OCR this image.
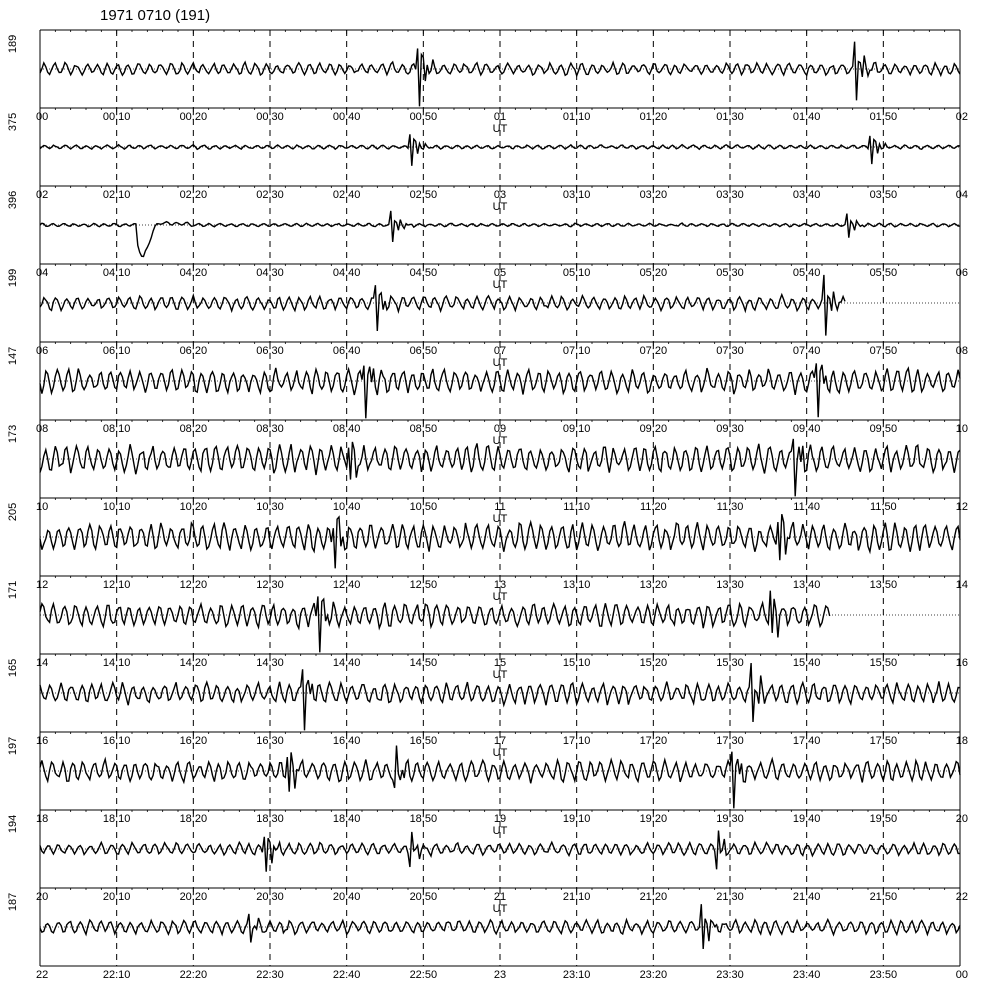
1971 0710 (191)
189
00	00:10	00:20	00:30	00:40	00:50	01	01:10	01:20	01:30	01:40	01:50	02
UT
375
02	02:10	02:20	02:30	02:40	02:50	03	03:10	03:20	03:30	03:40	03:50	04
UT
396
04	04:10	04:20	04:30	04:40	04:50	05	05:10	05:20	05:30	05:40	05:50	06
UT
199
06	06:10	06:20	06:30	06:40	06:50	07	07:10	07:20	07:30	07:40	07:50	08
UT
147
08	08:10	08:20	08:30	08:40	08:50	09	09:10	09:20	09:30	09:40	09:50	10
UT
173
10	10:10	10:20	10:30	10:40	10:50	11	11:10	11:20	11:30	11:40	11:50	12
UT
205
12	12:10	12:20	12:30	12:40	12:50	13	13:10	13:20	13:30	13:40	13:50	14
UT
171
14	14:10	14:20	14:30	14:40	14:50	15	15:10	15:20	15:30	15:40	15:50	16
UT
165
16	16:10	16:20	16:30	16:40	16:50	17	17:10	17:20	17:30	17:40	17:50	18
UT
197
18	18:10	18:20	18:30	18:40	18:50	19	19:10	19:20	19:30	19:40	19:50	20
UT
194
20	20:10	20:20	20:30	20:40	20:50	21	21:10	21:20	21:30	21:40	21:50	22
UT
187
22	22:10	22:20	22:30	22:40	22:50	23	23:10	23:20	23:30	23:40	23:50	00
